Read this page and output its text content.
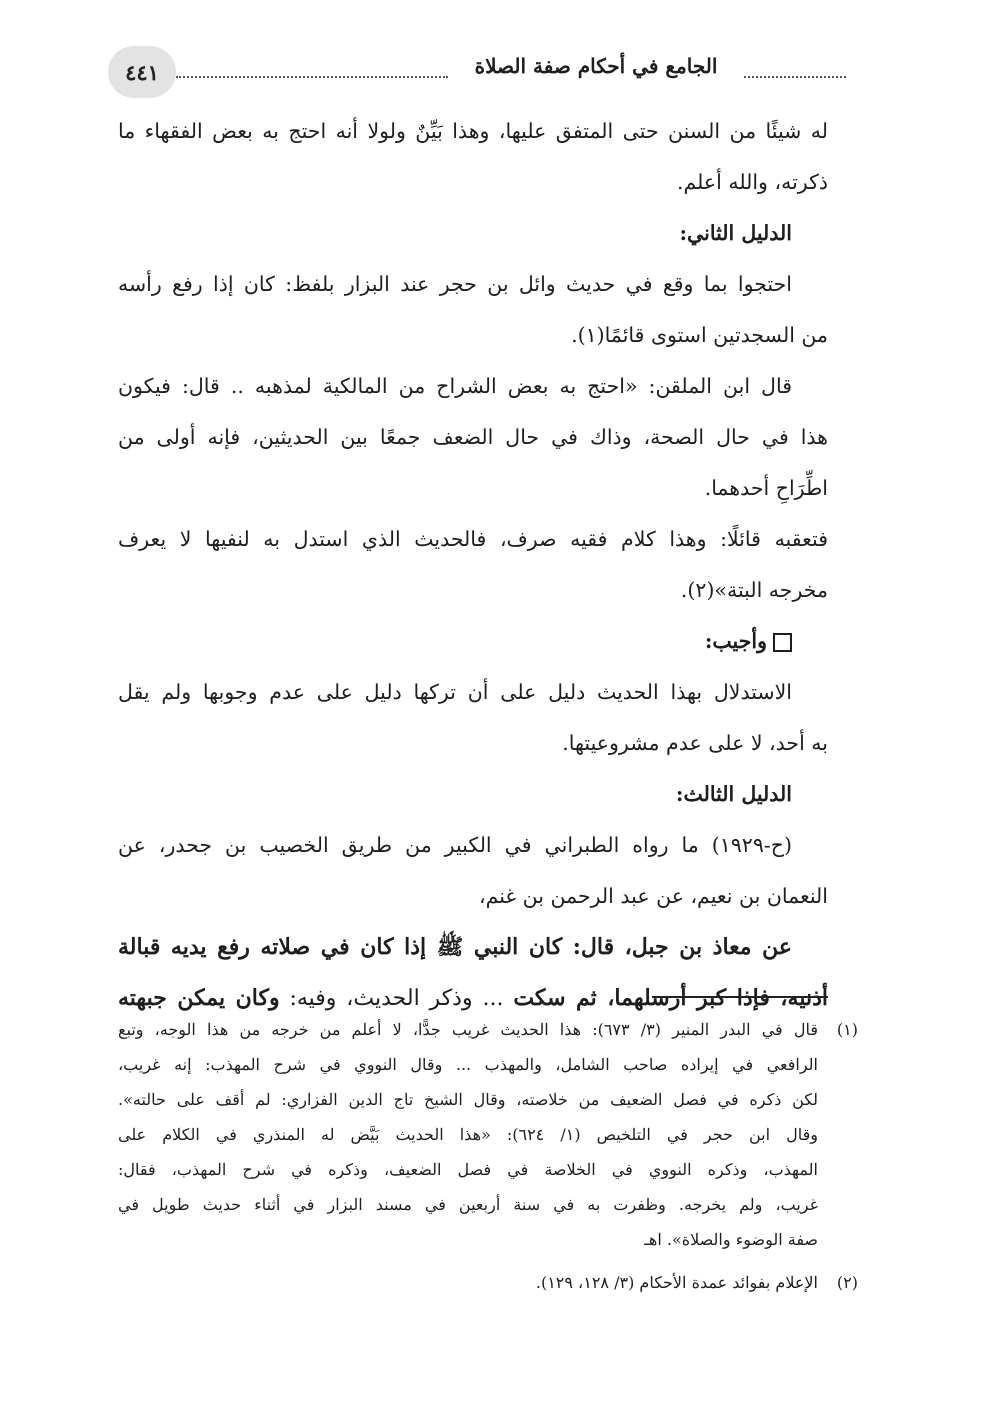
٤٤١	الجامع في أحكام صفة الصلاة
له شيئًا من السنن حتى المتفق عليها، وهذا بَيِّنٌ ولولا أنه احتج به بعض الفقهاء ما
ذكرته، والله أعلم.
الدليل الثاني:
احتجوا بما وقع في حديث وائل بن حجر عند البزار بلفظ: كان إذا رفع رأسه
من السجدتين استوى قائمًا(١).
قال ابن الملقن: «احتج به بعض الشراح من المالكية لمذهبه .. قال: فيكون
هذا في حال الصحة، وذاك في حال الضعف جمعًا بين الحديثين، فإنه أولى من
اطِّرَاحِ أحدهما.
فتعقبه قائلًا: وهذا كلام فقيه صرف، فالحديث الذي استدل به لنفيها لا يعرف
مخرجه البتة»(٢).
وأجيب:
الاستدلال بهذا الحديث دليل على أن تركها دليل على عدم وجوبها ولم يقل
به أحد، لا على عدم مشروعيتها.
الدليل الثالث:
(ح-١٩٢٩) ما رواه الطبراني في الكبير من طريق الخصيب بن جحدر، عن
النعمان بن نعيم، عن عبد الرحمن بن غنم،
عن معاذ بن جبل، قال: كان النبي ﷺ إذا كان في صلاته رفع يديه قبالة
أذنيه، فإذا كبر أرسلهما، ثم سكت ... وذكر الحديث، وفيه: وكان يمكن جبهته
(١)قال في البدر المنير (٣/ ٦٧٣): هذا الحديث غريب جدًّا، لا أعلم من خرجه من هذا الوجه، وتبع
الرافعي في إيراده صاحب الشامل، والمهذب ... وقال النووي في شرح المهذب: إنه غريب،
لكن ذكره في فصل الضعيف من خلاصته، وقال الشيخ تاج الدين الفزاري: لم أقف على حالته».
وقال ابن حجر في التلخيص (١/ ٦٢٤): «هذا الحديث بَيَّض له المنذري في الكلام على
المهذب، وذكره النووي في الخلاصة في فصل الضعيف، وذكره في شرح المهذب، فقال:
غريب، ولم يخرجه. وظفرت به في سنة أربعين في مسند البزار في أثناء حديث طويل في
صفة الوضوء والصلاة». اهـ
(٢)الإعلام بفوائد عمدة الأحكام (٣/ ١٢٨، ١٢٩).
